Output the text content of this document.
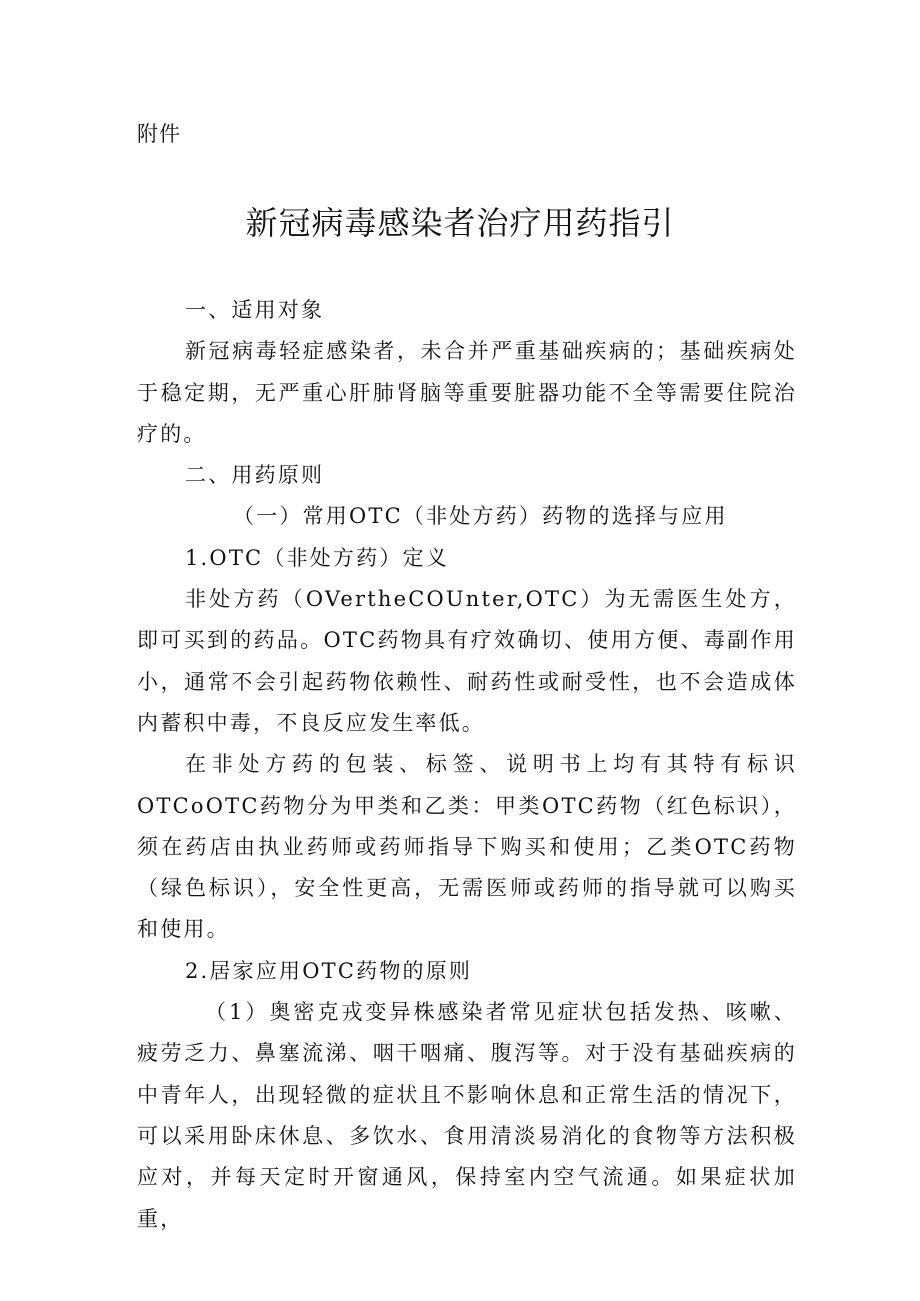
附件
新冠病毒感染者治疗用药指引

一、适用对象

新冠病毒轻症感染者，未合并严重基础疾病的；基础疾病处于稳定期，无严重心肝肺肾脑等重要脏器功能不全等需要住院治疗的。

二、用药原则

（一）常用OTC（非处方药）药物的选择与应用

1.OTC（非处方药）定义

非处方药（OVertheCOUnter,OTC）为无需医生处方，即可买到的药品。OTC药物具有疗效确切、使用方便、毒副作用小，通常不会引起药物依赖性、耐药性或耐受性，也不会造成体内蓄积中毒，不良反应发生率低。

在非处方药的包装、标签、说明书上均有其特有标识OTCoOTC药物分为甲类和乙类：甲类OTC药物（红色标识），须在药店由执业药师或药师指导下购买和使用；乙类OTC药物（绿色标识），安全性更高，无需医师或药师的指导就可以购买和使用。

2.居家应用OTC药物的原则

（1）奥密克戎变异株感染者常见症状包括发热、咳嗽、疲劳乏力、鼻塞流涕、咽干咽痛、腹泻等。对于没有基础疾病的中青年人，出现轻微的症状且不影响休息和正常生活的情况下，可以采用卧床休息、多饮水、食用清淡易消化的食物等方法积极应对，并每天定时开窗通风，保持室内空气流通。如果症状加重，
